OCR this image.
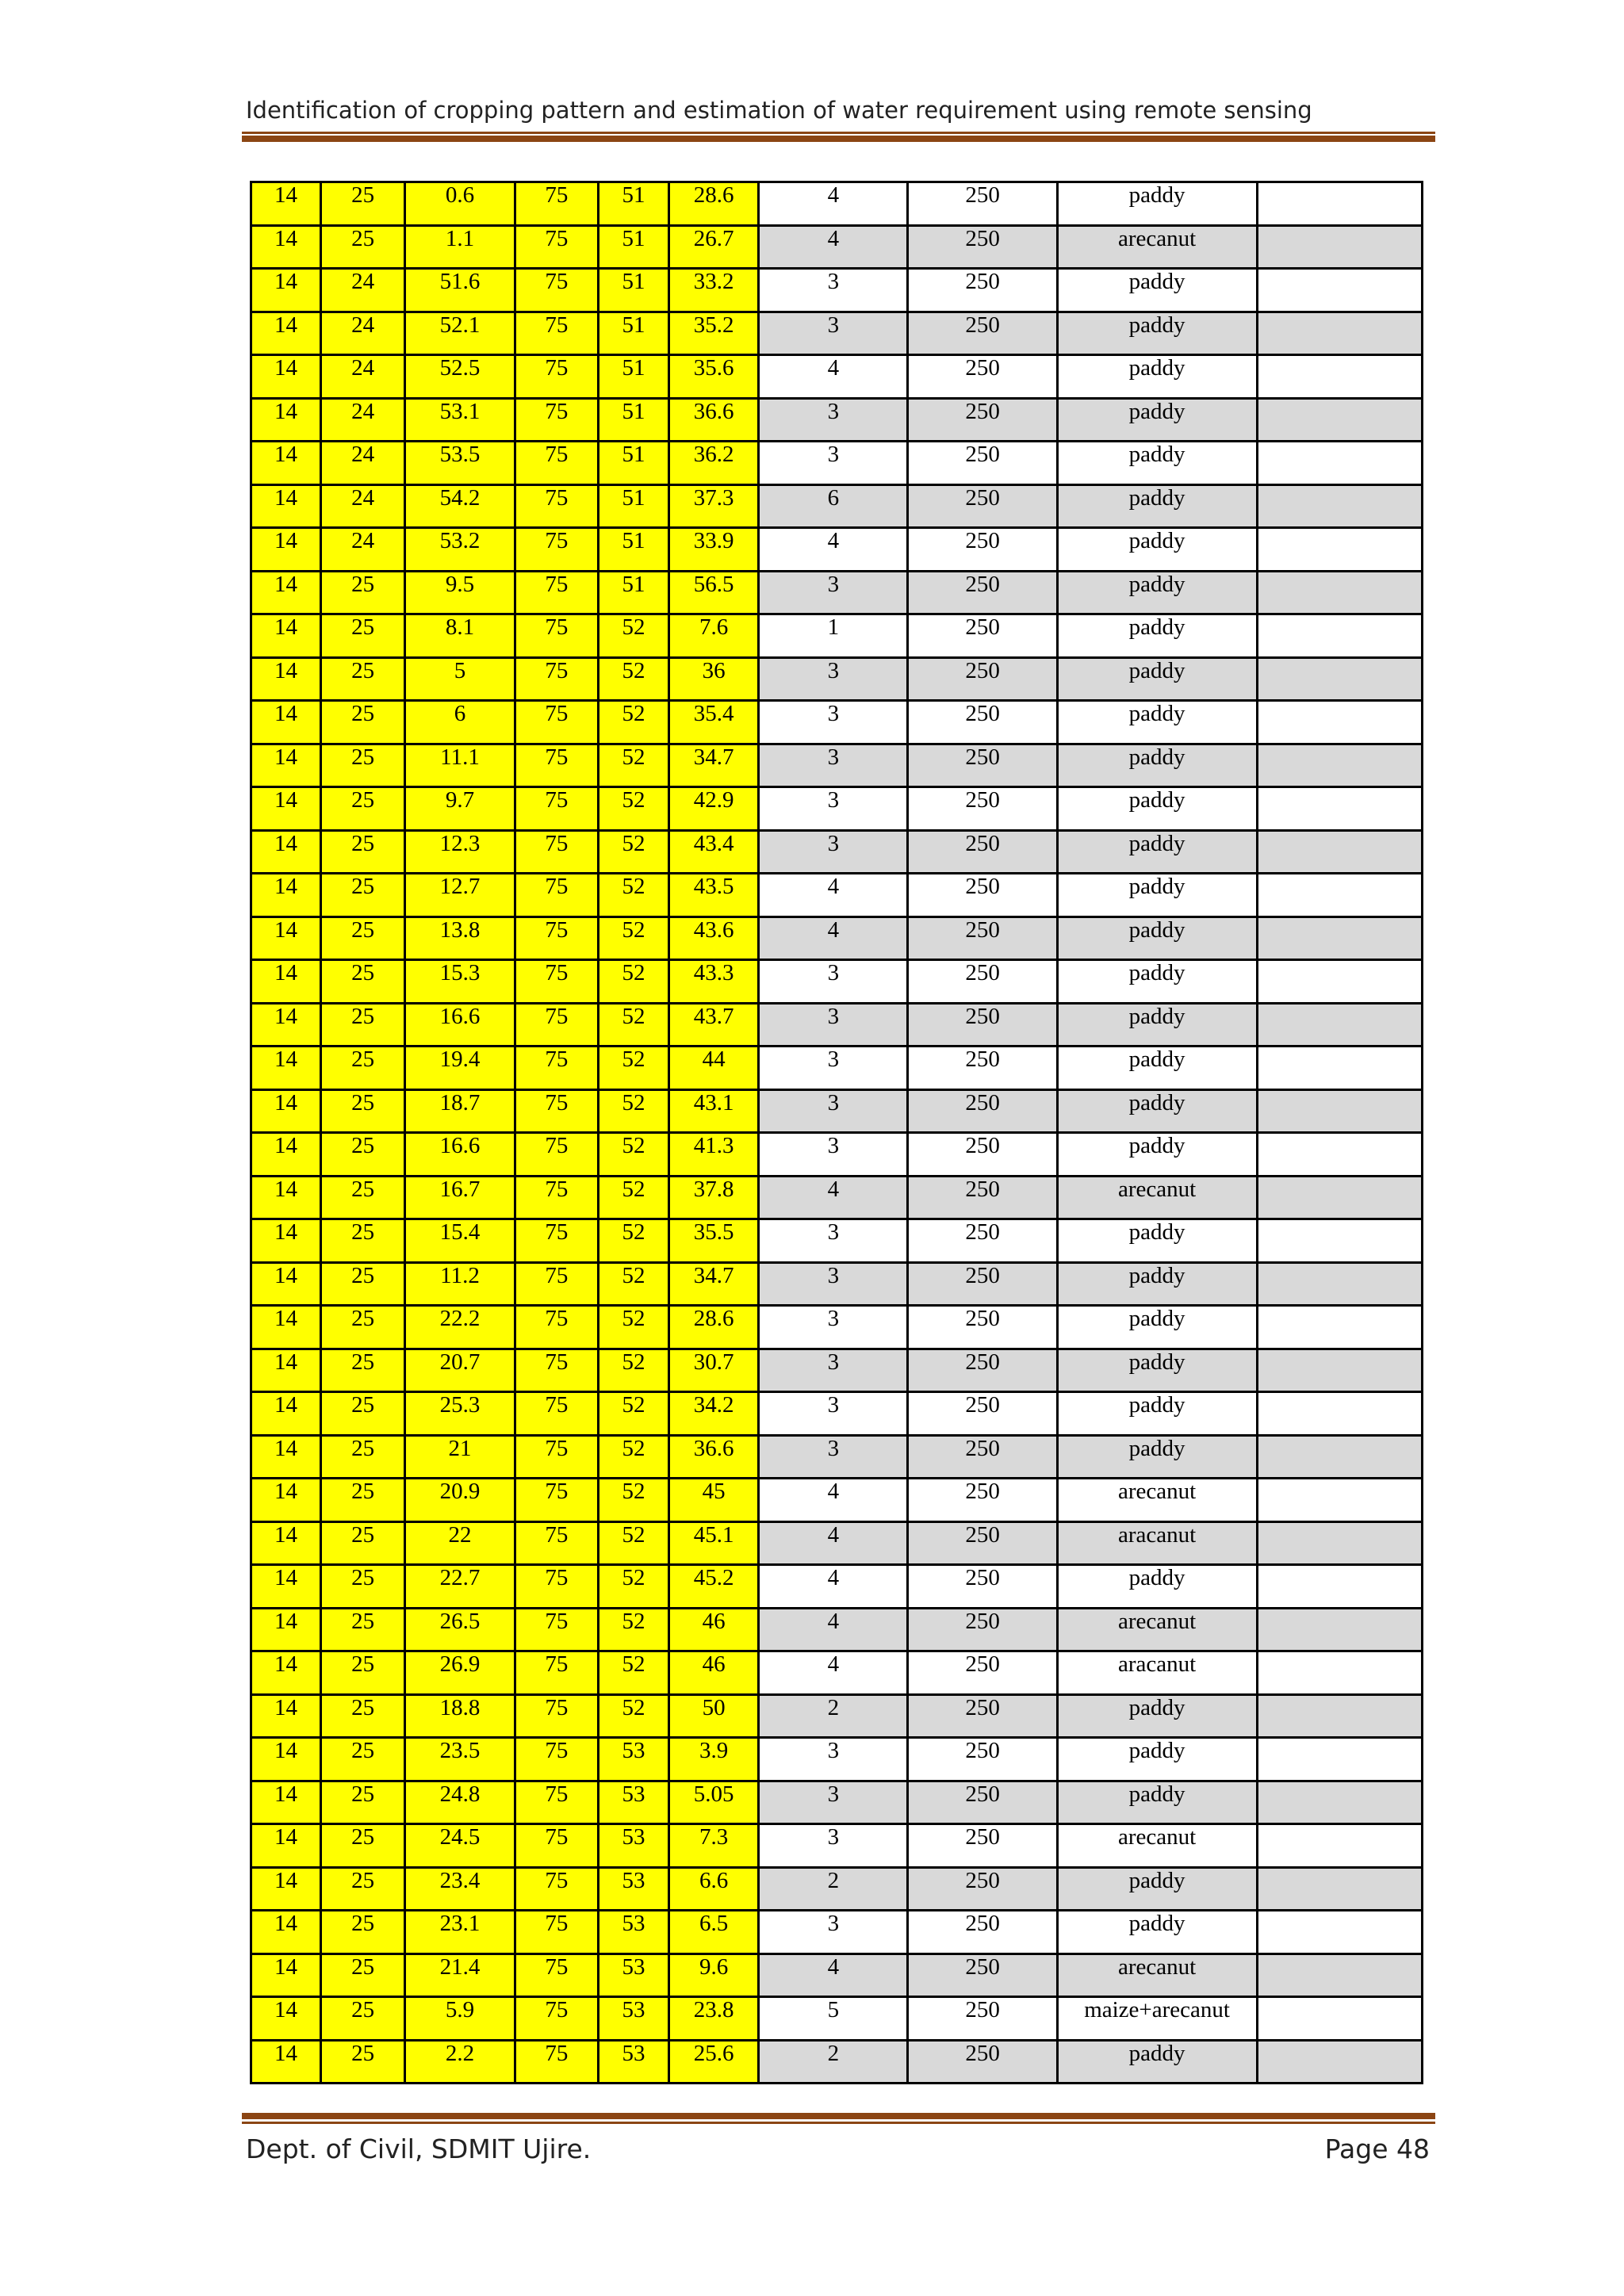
Identification of cropping pattern and estimation of water requirement using remote sensing
14	25	0.6	75	51	28.6	4	250	paddy	
14	25	1.1	75	51	26.7	4	250	arecanut	
14	24	51.6	75	51	33.2	3	250	paddy	
14	24	52.1	75	51	35.2	3	250	paddy	
14	24	52.5	75	51	35.6	4	250	paddy	
14	24	53.1	75	51	36.6	3	250	paddy	
14	24	53.5	75	51	36.2	3	250	paddy	
14	24	54.2	75	51	37.3	6	250	paddy	
14	24	53.2	75	51	33.9	4	250	paddy	
14	25	9.5	75	51	56.5	3	250	paddy	
14	25	8.1	75	52	7.6	1	250	paddy	
14	25	5	75	52	36	3	250	paddy	
14	25	6	75	52	35.4	3	250	paddy	
14	25	11.1	75	52	34.7	3	250	paddy	
14	25	9.7	75	52	42.9	3	250	paddy	
14	25	12.3	75	52	43.4	3	250	paddy	
14	25	12.7	75	52	43.5	4	250	paddy	
14	25	13.8	75	52	43.6	4	250	paddy	
14	25	15.3	75	52	43.3	3	250	paddy	
14	25	16.6	75	52	43.7	3	250	paddy	
14	25	19.4	75	52	44	3	250	paddy	
14	25	18.7	75	52	43.1	3	250	paddy	
14	25	16.6	75	52	41.3	3	250	paddy	
14	25	16.7	75	52	37.8	4	250	arecanut	
14	25	15.4	75	52	35.5	3	250	paddy	
14	25	11.2	75	52	34.7	3	250	paddy	
14	25	22.2	75	52	28.6	3	250	paddy	
14	25	20.7	75	52	30.7	3	250	paddy	
14	25	25.3	75	52	34.2	3	250	paddy	
14	25	21	75	52	36.6	3	250	paddy	
14	25	20.9	75	52	45	4	250	arecanut	
14	25	22	75	52	45.1	4	250	aracanut	
14	25	22.7	75	52	45.2	4	250	paddy	
14	25	26.5	75	52	46	4	250	arecanut	
14	25	26.9	75	52	46	4	250	aracanut	
14	25	18.8	75	52	50	2	250	paddy	
14	25	23.5	75	53	3.9	3	250	paddy	
14	25	24.8	75	53	5.05	3	250	paddy	
14	25	24.5	75	53	7.3	3	250	arecanut	
14	25	23.4	75	53	6.6	2	250	paddy	
14	25	23.1	75	53	6.5	3	250	paddy	
14	25	21.4	75	53	9.6	4	250	arecanut	
14	25	5.9	75	53	23.8	5	250	maize+arecanut	
14	25	2.2	75	53	25.6	2	250	paddy	
Dept. of Civil, SDMIT Ujire.	Page 48
